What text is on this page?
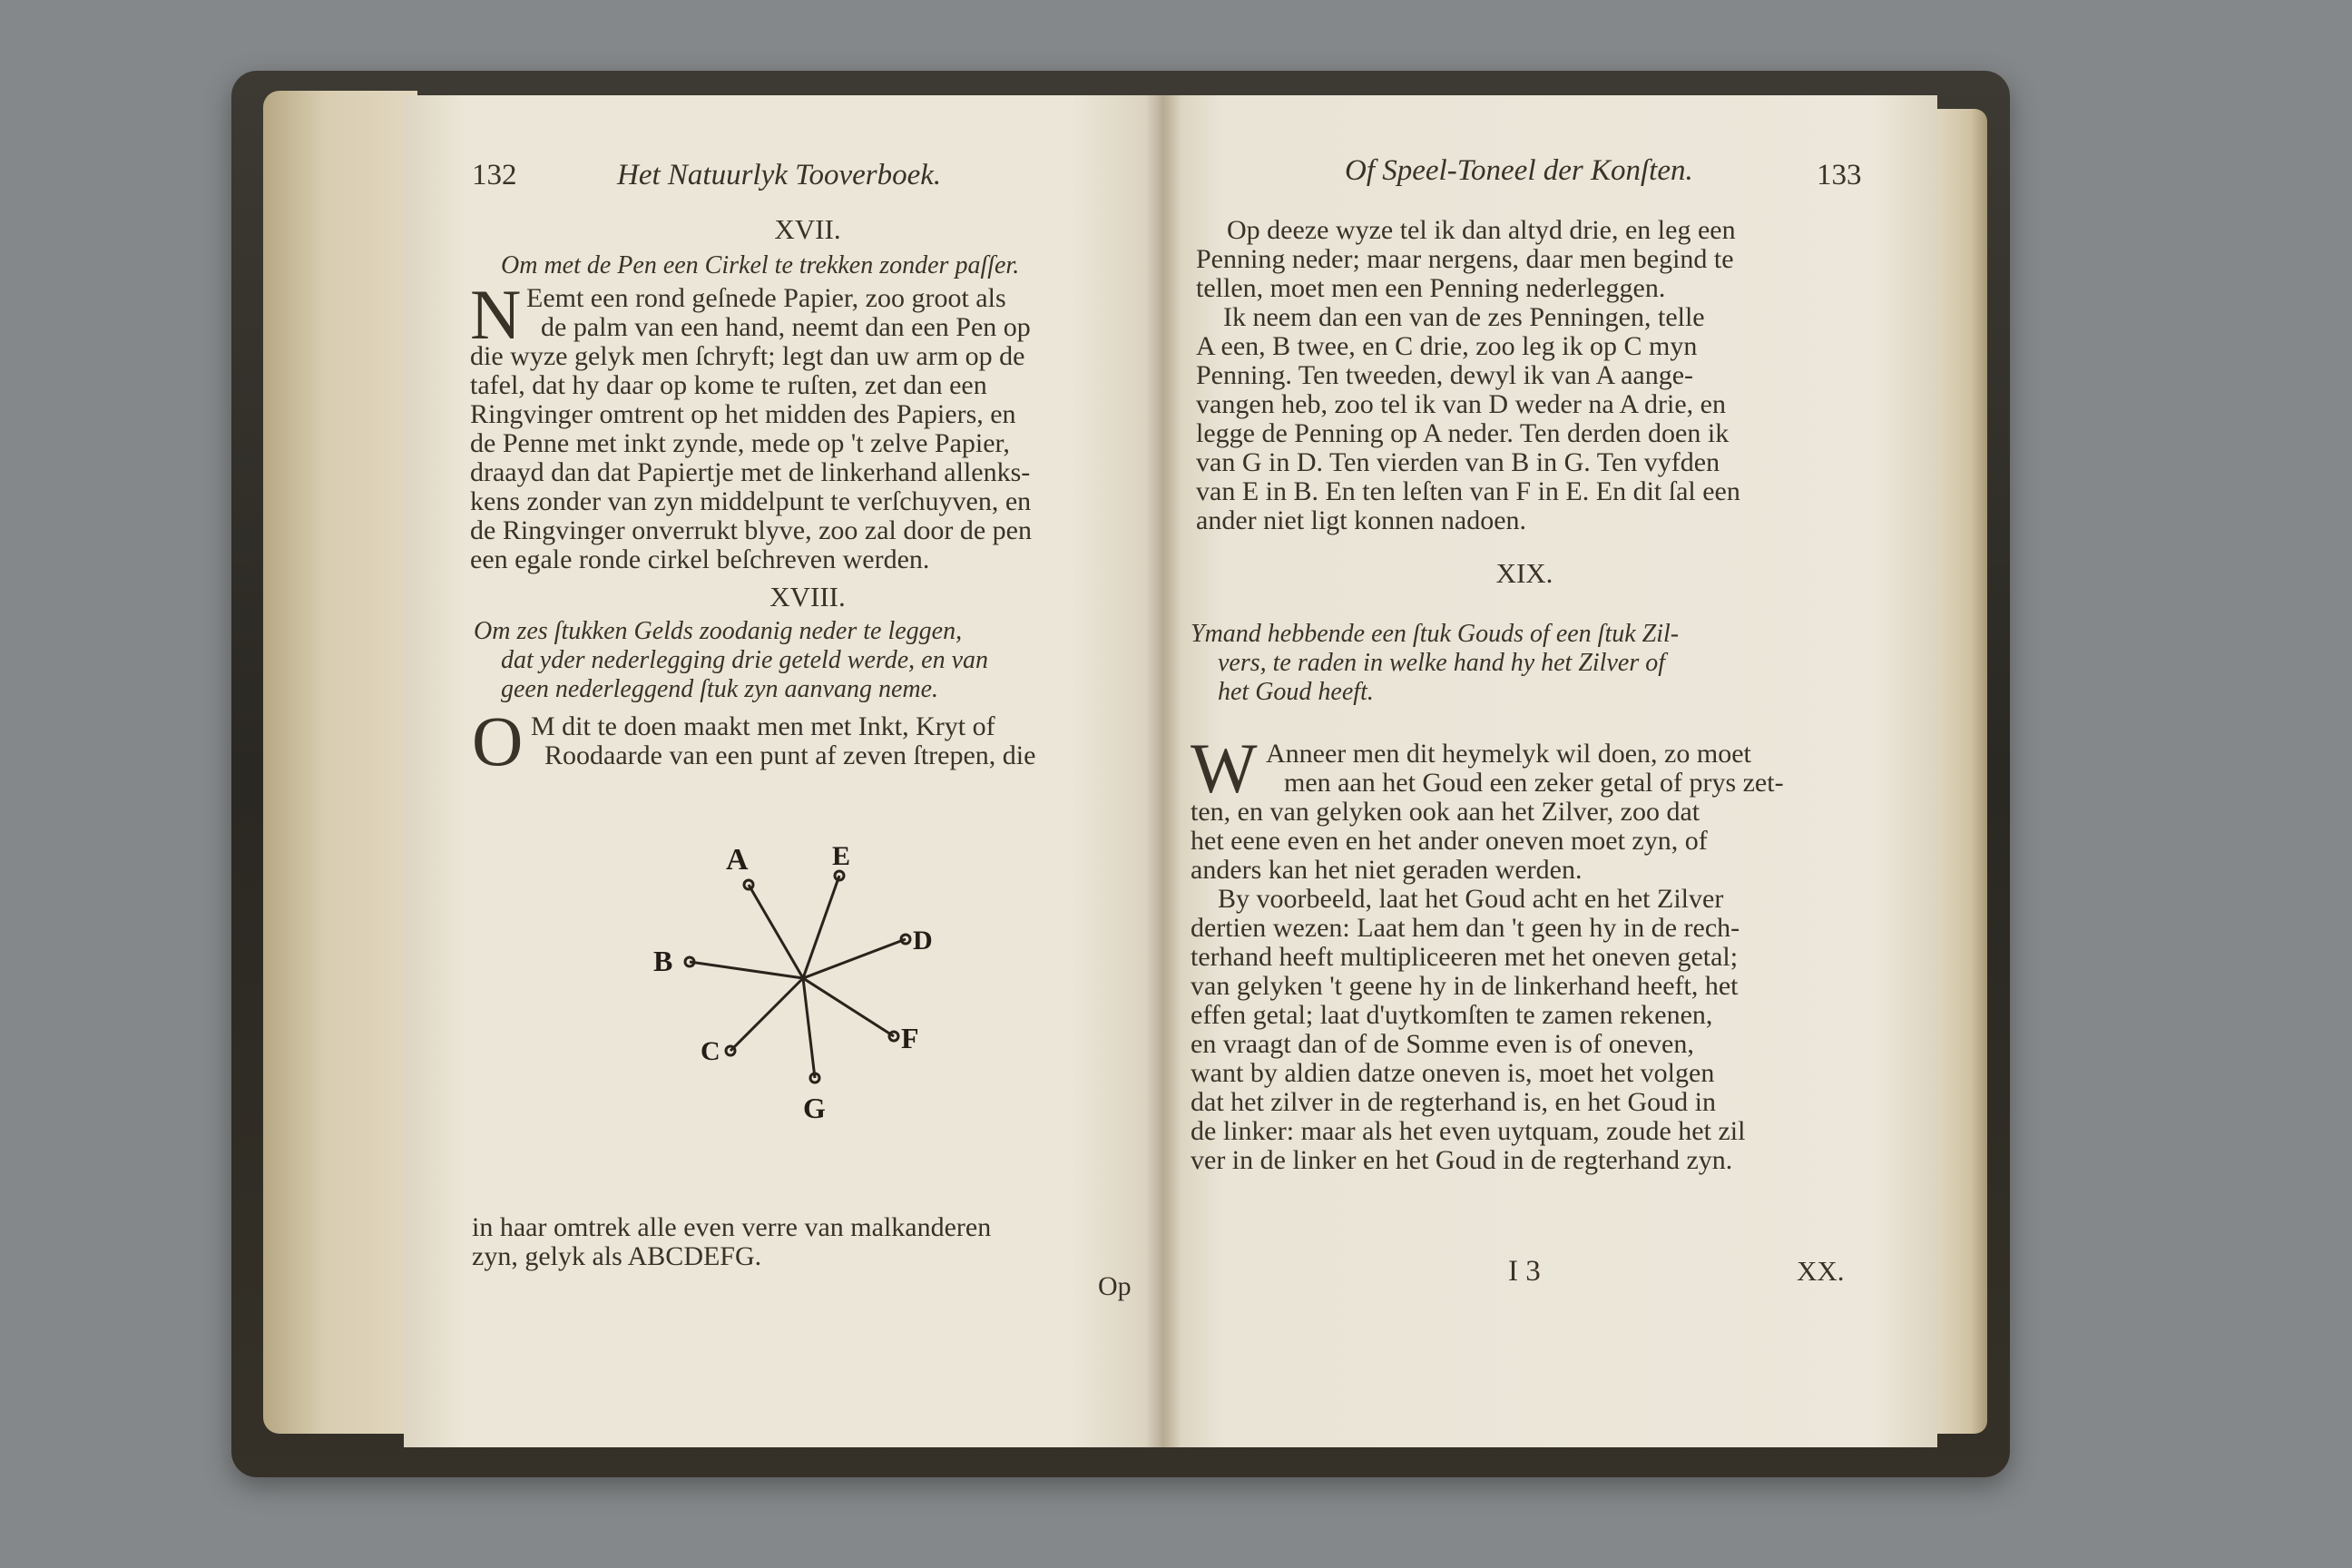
132	Het Natuurlyk Tooverboek.
XVII.
Om met de Pen een Cirkel te trekken zonder paſſer.
N Eemt een rond geſnede Papier, zoo groot als
de palm van een hand, neemt dan een Pen op
die wyze gelyk men ſchryft; legt dan uw arm op de
tafel, dat hy daar op kome te ruſten, zet dan een
Ringvinger omtrent op het midden des Papiers, en
de Penne met inkt zynde, mede op 't zelve Papier,
draayd dan dat Papiertje met de linkerhand allenks-
kens zonder van zyn middelpunt te verſchuyven, en
de Ringvinger onverrukt blyve, zoo zal door de pen
een egale ronde cirkel beſchreven werden.
XVIII.
Om zes ſtukken Gelds zoodanig neder te leggen,
dat yder nederlegging drie geteld werde, en van
geen nederleggend ſtuk zyn aanvang neme.
O M dit te doen maakt men met Inkt, Kryt of
Roodaarde van een punt af zeven ſtrepen, die
A	E
D
B
C	F
G
in haar omtrek alle even verre van malkanderen
zyn, gelyk als ABCDEFG.
Op
Of Speel-Toneel der Konſten.	133
Op deeze wyze tel ik dan altyd drie, en leg een
Penning neder; maar nergens, daar men begind te
tellen, moet men een Penning nederleggen.
Ik neem dan een van de zes Penningen, telle
A een, B twee, en C drie, zoo leg ik op C myn
Penning. Ten tweeden, dewyl ik van A aange-
vangen heb, zoo tel ik van D weder na A drie, en
legge de Penning op A neder. Ten derden doen ik
van G in D. Ten vierden van B in G. Ten vyfden
van E in B. En ten leſten van F in E. En dit ſal een
ander niet ligt konnen nadoen.
XIX.
Ymand hebbende een ſtuk Gouds of een ſtuk Zil-
vers, te raden in welke hand hy het Zilver of
het Goud heeft.
W Anneer men dit heymelyk wil doen, zo moet
men aan het Goud een zeker getal of prys zet-
ten, en van gelyken ook aan het Zilver, zoo dat
het eene even en het ander oneven moet zyn, of
anders kan het niet geraden werden.
By voorbeeld, laat het Goud acht en het Zilver
dertien wezen: Laat hem dan 't geen hy in de rech-
terhand heeft multipliceeren met het oneven getal;
van gelyken 't geene hy in de linkerhand heeft, het
effen getal; laat d'uytkomſten te zamen rekenen,
en vraagt dan of de Somme even is of oneven,
want by aldien datze oneven is, moet het volgen
dat het zilver in de regterhand is, en het Goud in
de linker: maar als het even uytquam, zoude het zil
ver in de linker en het Goud in de regterhand zyn.
I 3	XX.
